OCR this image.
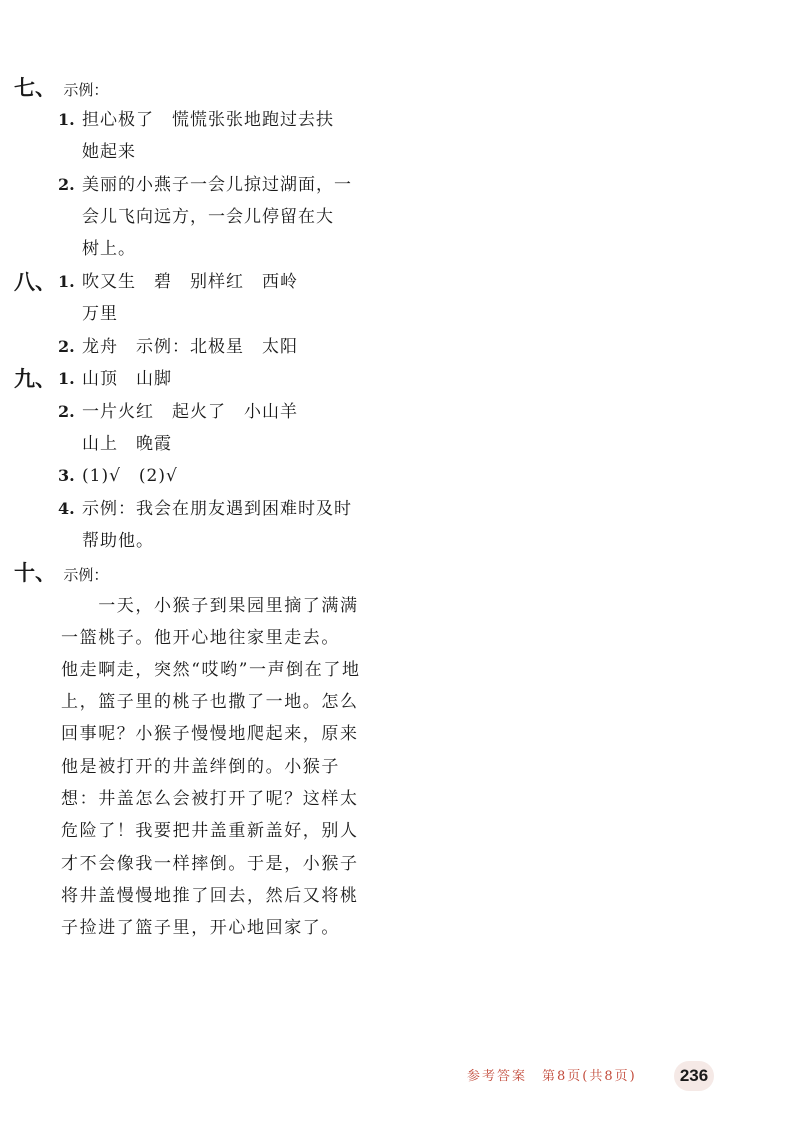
七、 示例：
1. 担心极了　慌慌张张地跑过去扶
她起来
2. 美丽的小燕子一会儿掠过湖面，一
会儿飞向远方，一会儿停留在大
树上。
八、 1. 吹又生　碧　别样红　西岭
万里
2. 龙舟　示例：北极星　太阳
九、 1. 山顶　山脚
2. 一片火红　起火了　小山羊
山上　晚霞
3. (1)√　(2)√
4. 示例：我会在朋友遇到困难时及时
帮助他。
十、 示例：
　　一天，小猴子到果园里摘了满满
一篮桃子。他开心地往家里走去。
他走啊走，突然“哎哟”一声倒在了地
上，篮子里的桃子也撒了一地。怎么
回事呢？小猴子慢慢地爬起来，原来
他是被打开的井盖绊倒的。小猴子
想：井盖怎么会被打开了呢？这样太
危险了！我要把井盖重新盖好，别人
才不会像我一样摔倒。于是，小猴子
将井盖慢慢地推了回去，然后又将桃
子捡进了篮子里，开心地回家了。
参考答案　第8页(共8页)	236
